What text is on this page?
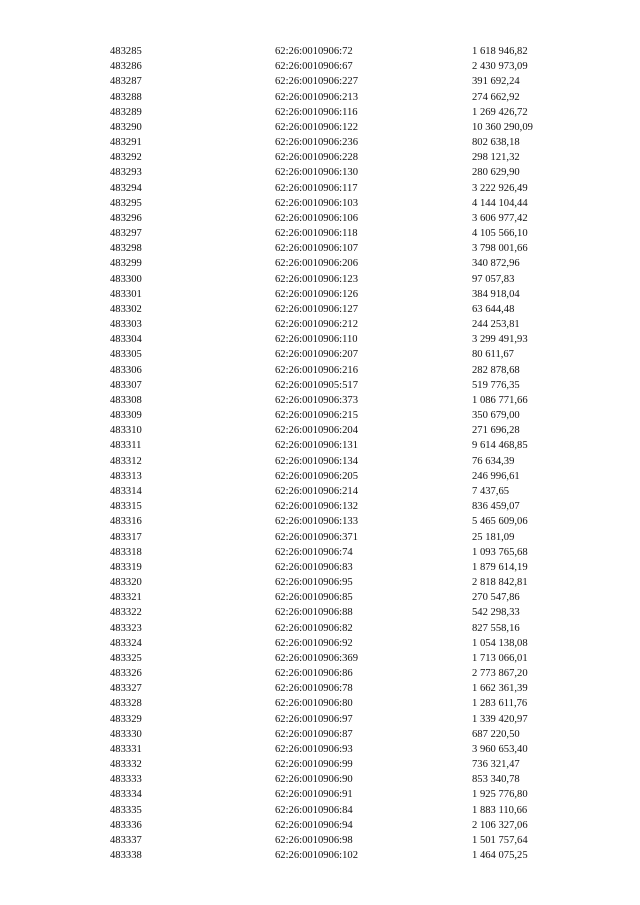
483285	62:26:0010906:72	1 618 946,82
483286	62:26:0010906:67	2 430 973,09
483287	62:26:0010906:227	391 692,24
483288	62:26:0010906:213	274 662,92
483289	62:26:0010906:116	1 269 426,72
483290	62:26:0010906:122	10 360 290,09
483291	62:26:0010906:236	802 638,18
483292	62:26:0010906:228	298 121,32
483293	62:26:0010906:130	280 629,90
483294	62:26:0010906:117	3 222 926,49
483295	62:26:0010906:103	4 144 104,44
483296	62:26:0010906:106	3 606 977,42
483297	62:26:0010906:118	4 105 566,10
483298	62:26:0010906:107	3 798 001,66
483299	62:26:0010906:206	340 872,96
483300	62:26:0010906:123	97 057,83
483301	62:26:0010906:126	384 918,04
483302	62:26:0010906:127	63 644,48
483303	62:26:0010906:212	244 253,81
483304	62:26:0010906:110	3 299 491,93
483305	62:26:0010906:207	80 611,67
483306	62:26:0010906:216	282 878,68
483307	62:26:0010905:517	519 776,35
483308	62:26:0010906:373	1 086 771,66
483309	62:26:0010906:215	350 679,00
483310	62:26:0010906:204	271 696,28
483311	62:26:0010906:131	9 614 468,85
483312	62:26:0010906:134	76 634,39
483313	62:26:0010906:205	246 996,61
483314	62:26:0010906:214	7 437,65
483315	62:26:0010906:132	836 459,07
483316	62:26:0010906:133	5 465 609,06
483317	62:26:0010906:371	25 181,09
483318	62:26:0010906:74	1 093 765,68
483319	62:26:0010906:83	1 879 614,19
483320	62:26:0010906:95	2 818 842,81
483321	62:26:0010906:85	270 547,86
483322	62:26:0010906:88	542 298,33
483323	62:26:0010906:82	827 558,16
483324	62:26:0010906:92	1 054 138,08
483325	62:26:0010906:369	1 713 066,01
483326	62:26:0010906:86	2 773 867,20
483327	62:26:0010906:78	1 662 361,39
483328	62:26:0010906:80	1 283 611,76
483329	62:26:0010906:97	1 339 420,97
483330	62:26:0010906:87	687 220,50
483331	62:26:0010906:93	3 960 653,40
483332	62:26:0010906:99	736 321,47
483333	62:26:0010906:90	853 340,78
483334	62:26:0010906:91	1 925 776,80
483335	62:26:0010906:84	1 883 110,66
483336	62:26:0010906:94	2 106 327,06
483337	62:26:0010906:98	1 501 757,64
483338	62:26:0010906:102	1 464 075,25
